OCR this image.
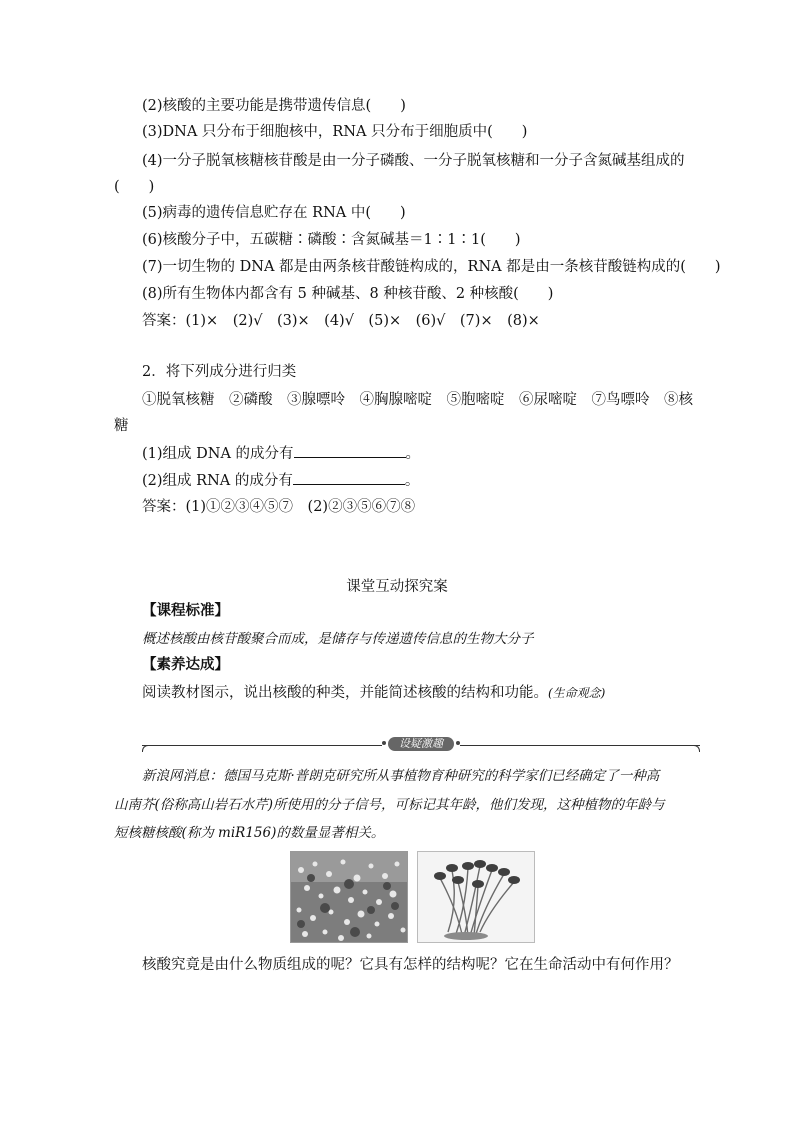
(2)核酸的主要功能是携带遗传信息(　　)
(3)DNA 只分布于细胞核中，RNA 只分布于细胞质中(　　)
(4)一分子脱氧核糖核苷酸是由一分子磷酸、一分子脱氧核糖和一分子含氮碱基组成的
(　　)
(5)病毒的遗传信息贮存在 RNA 中(　　)
(6)核酸分子中，五碳糖∶磷酸∶含氮碱基＝1∶1∶1(　　)
(7)一切生物的 DNA 都是由两条核苷酸链构成的，RNA 都是由一条核苷酸链构成的(　　)
(8)所有生物体内都含有 5 种碱基、8 种核苷酸、2 种核酸(　　)
答案：(1)×　(2)√　(3)×　(4)√　(5)×　(6)√　(7)×　(8)×
2．将下列成分进行归类
①脱氧核糖　②磷酸　③腺嘌呤　④胸腺嘧啶　⑤胞嘧啶　⑥尿嘧啶　⑦鸟嘌呤　⑧核
糖
(1)组成 DNA 的成分有	。
(2)组成 RNA 的成分有	。
答案：(1)①②③④⑤⑦　(2)②③⑤⑥⑦⑧
课堂互动探究案
【课程标准】
概述核酸由核苷酸聚合而成，是储存与传递遗传信息的生物大分子
【素养达成】
阅读教材图示，说出核酸的种类，并能简述核酸的结构和功能。(生命观念)
设疑激趣
新浪网消息：德国马克斯·普朗克研究所从事植物育种研究的科学家们已经确定了一种高
山南芥(俗称高山岩石水芹)所使用的分子信号，可标记其年龄，他们发现，这种植物的年龄与
短核糖核酸(称为 miR156)的数量显著相关。
核酸究竟是由什么物质组成的呢？它具有怎样的结构呢？它在生命活动中有何作用？
